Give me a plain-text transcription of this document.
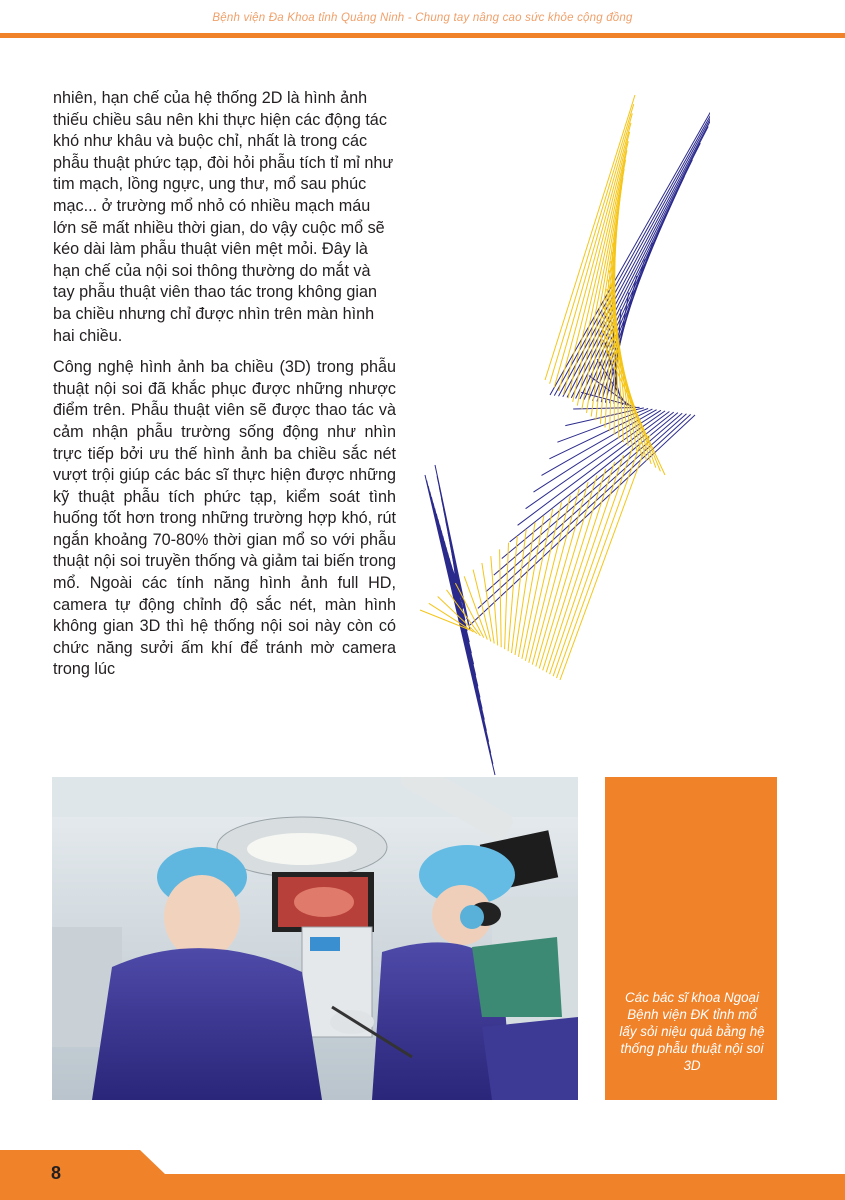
Bệnh viện Đa Khoa tỉnh Quảng Ninh - Chung tay nâng cao sức khỏe cộng đồng

nhiên, hạn chế của hệ thống 2D là hình ảnh thiếu chiều sâu nên khi thực hiện các động tác khó như khâu và buộc chỉ, nhất là trong các phẫu thuật phức tạp, đòi hỏi phẫu tích tỉ mỉ như tim mạch, lồng ngực, ung thư, mổ sau phúc mạc... ở trường mổ nhỏ có nhiều mạch máu lớn sẽ mất nhiều thời gian, do vậy cuộc mổ sẽ kéo dài làm phẫu thuật viên mệt mỏi. Đây là hạn chế của nội soi thông thường do mắt và tay phẫu thuật viên thao tác trong không gian ba chiều nhưng chỉ được nhìn trên màn hình hai chiều.

Công nghệ hình ảnh ba chiều (3D) trong phẫu thuật nội soi đã khắc phục được những nhược điểm trên. Phẫu thuật viên sẽ được thao tác và cảm nhận phẫu trường sống động như nhìn trực tiếp bởi ưu thế hình ảnh ba chiều sắc nét vượt trội giúp các bác sĩ thực hiện được những kỹ thuật phẫu tích phức tạp, kiểm soát tình huống tốt hơn trong những trường hợp khó, rút ngắn khoảng 70-80% thời gian mổ so với phẫu thuật nội soi truyền thống và giảm tai biến trong mổ. Ngoài các tính năng hình ảnh full HD, camera tự động chỉnh độ sắc nét, màn hình không gian 3D thì hệ thống nội soi này còn có chức năng sưởi ấm khí để tránh mờ camera trong lúc

Các bác sĩ khoa Ngoại Bệnh viện ĐK tỉnh mổ lấy sỏi niệu quả bằng hệ thống phẫu thuật nội soi 3D
8
